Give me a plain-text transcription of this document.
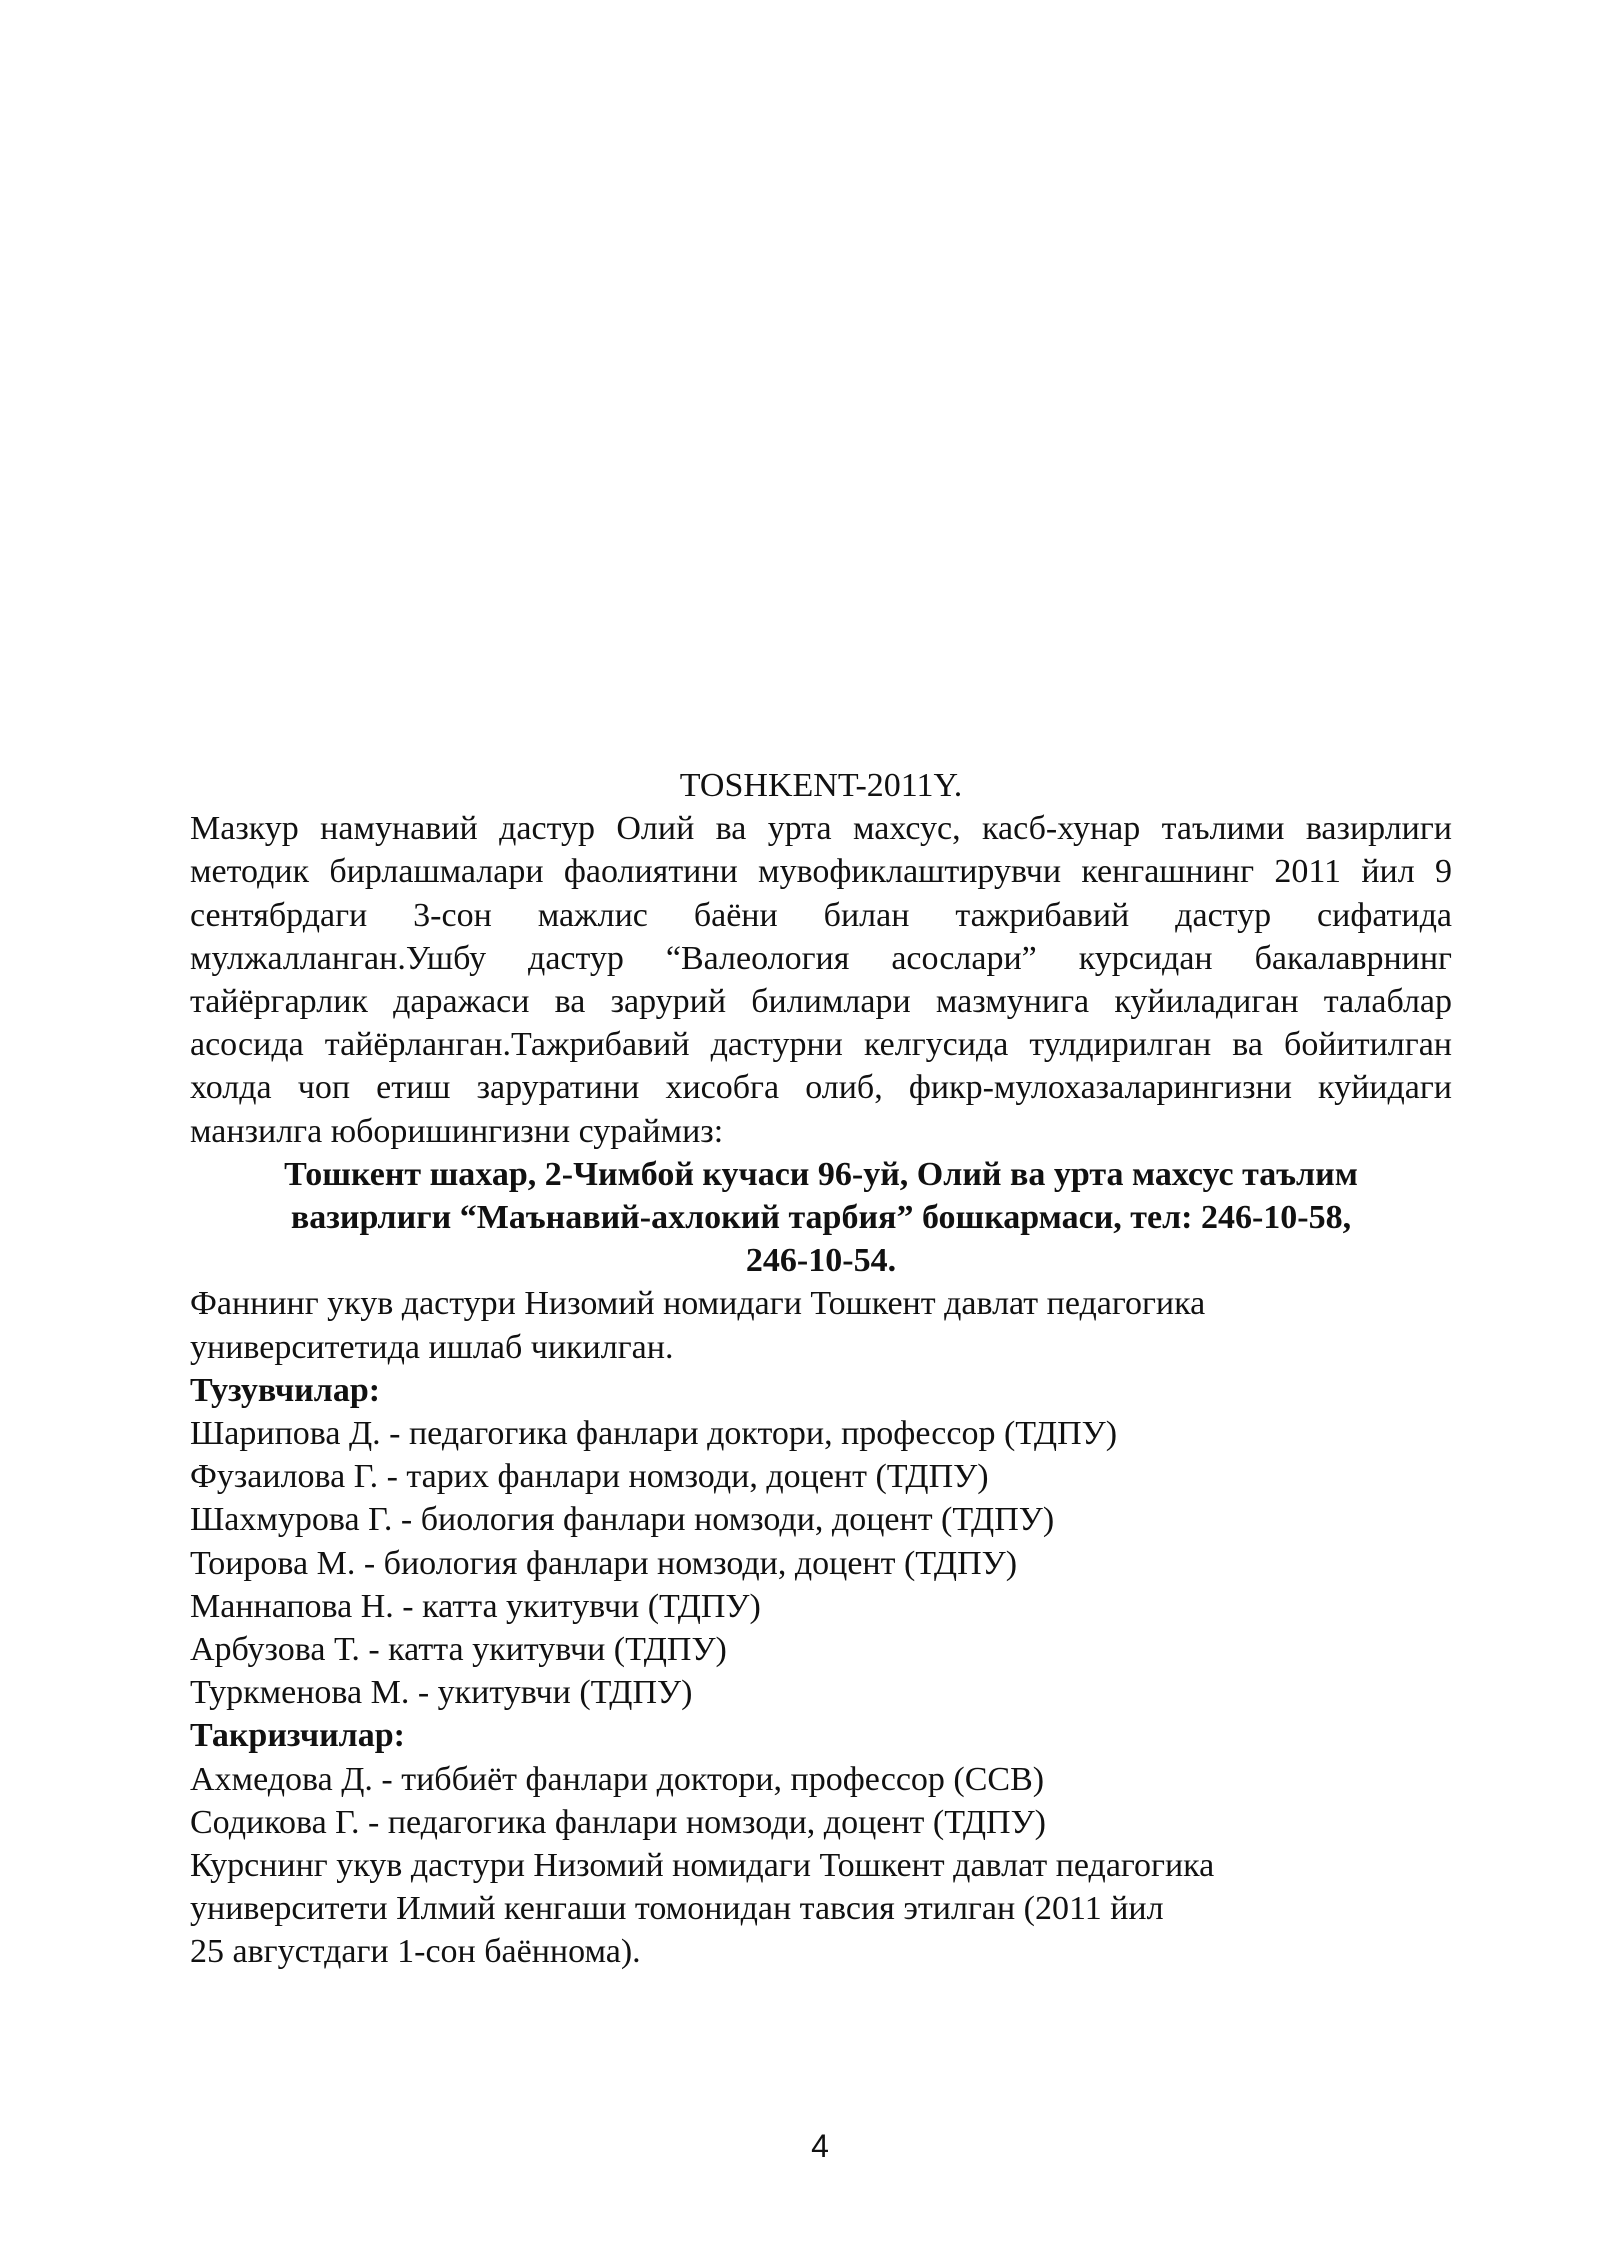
TOSHKENT-2011Y.

Мазкур намунавий дастур Олий ва урта махсус, касб-хунар таълими вазирлиги методик бирлашмалари фаолиятини мувофиклаштирувчи кенгашнинг 2011 йил 9 сентябрдаги 3-сон мажлис баёни билан тажрибавий дастур сифатида мулжалланган.Ушбу дастур “Валеология асослари” курсидан бакалаврнинг тайёргарлик даражаси ва зарурий билимлари мазмунига куйиладиган талаблар асосида тайёрланган.Тажрибавий дастурни келгусида тулдирилган ва бойитилган холда чоп етиш заруратини хисобга олиб, фикр-мулохазаларингизни куйидаги манзилга юборишингизни сураймиз:

Тошкент шахар, 2-Чимбой кучаси 96-уй, Олий ва урта махсус таълим
вазирлиги “Маънавий-ахлокий тарбия” бошкармаси, тел: 246-10-58,
246-10-54.

Фаннинг укув дастури Низомий номидаги Тошкент давлат педагогика
университетида ишлаб чикилган.
Тузувчилар:
Шарипова Д. - педагогика фанлари доктори, профессор (ТДПУ)
Фузаилова Г. - тарих фанлари номзоди, доцент (ТДПУ)
Шахмурова Г. - биология фанлари номзоди, доцент (ТДПУ)
Тоирова М. - биология фанлари номзоди, доцент (ТДПУ)
Маннапова Н. - катта укитувчи (ТДПУ)
Арбузова Т. - катта укитувчи (ТДПУ)
Туркменова М. - укитувчи (ТДПУ)
Такризчилар:
Ахмедова Д. - тиббиёт фанлари доктори, профессор (ССВ)
Содикова Г. - педагогика фанлари номзоди, доцент (ТДПУ)
Курснинг укув дастури Низомий номидаги Тошкент давлат педагогика
университети Илмий кенгаши томонидан тавсия этилган (2011 йил
25 августдаги 1-сон баённома).
4
